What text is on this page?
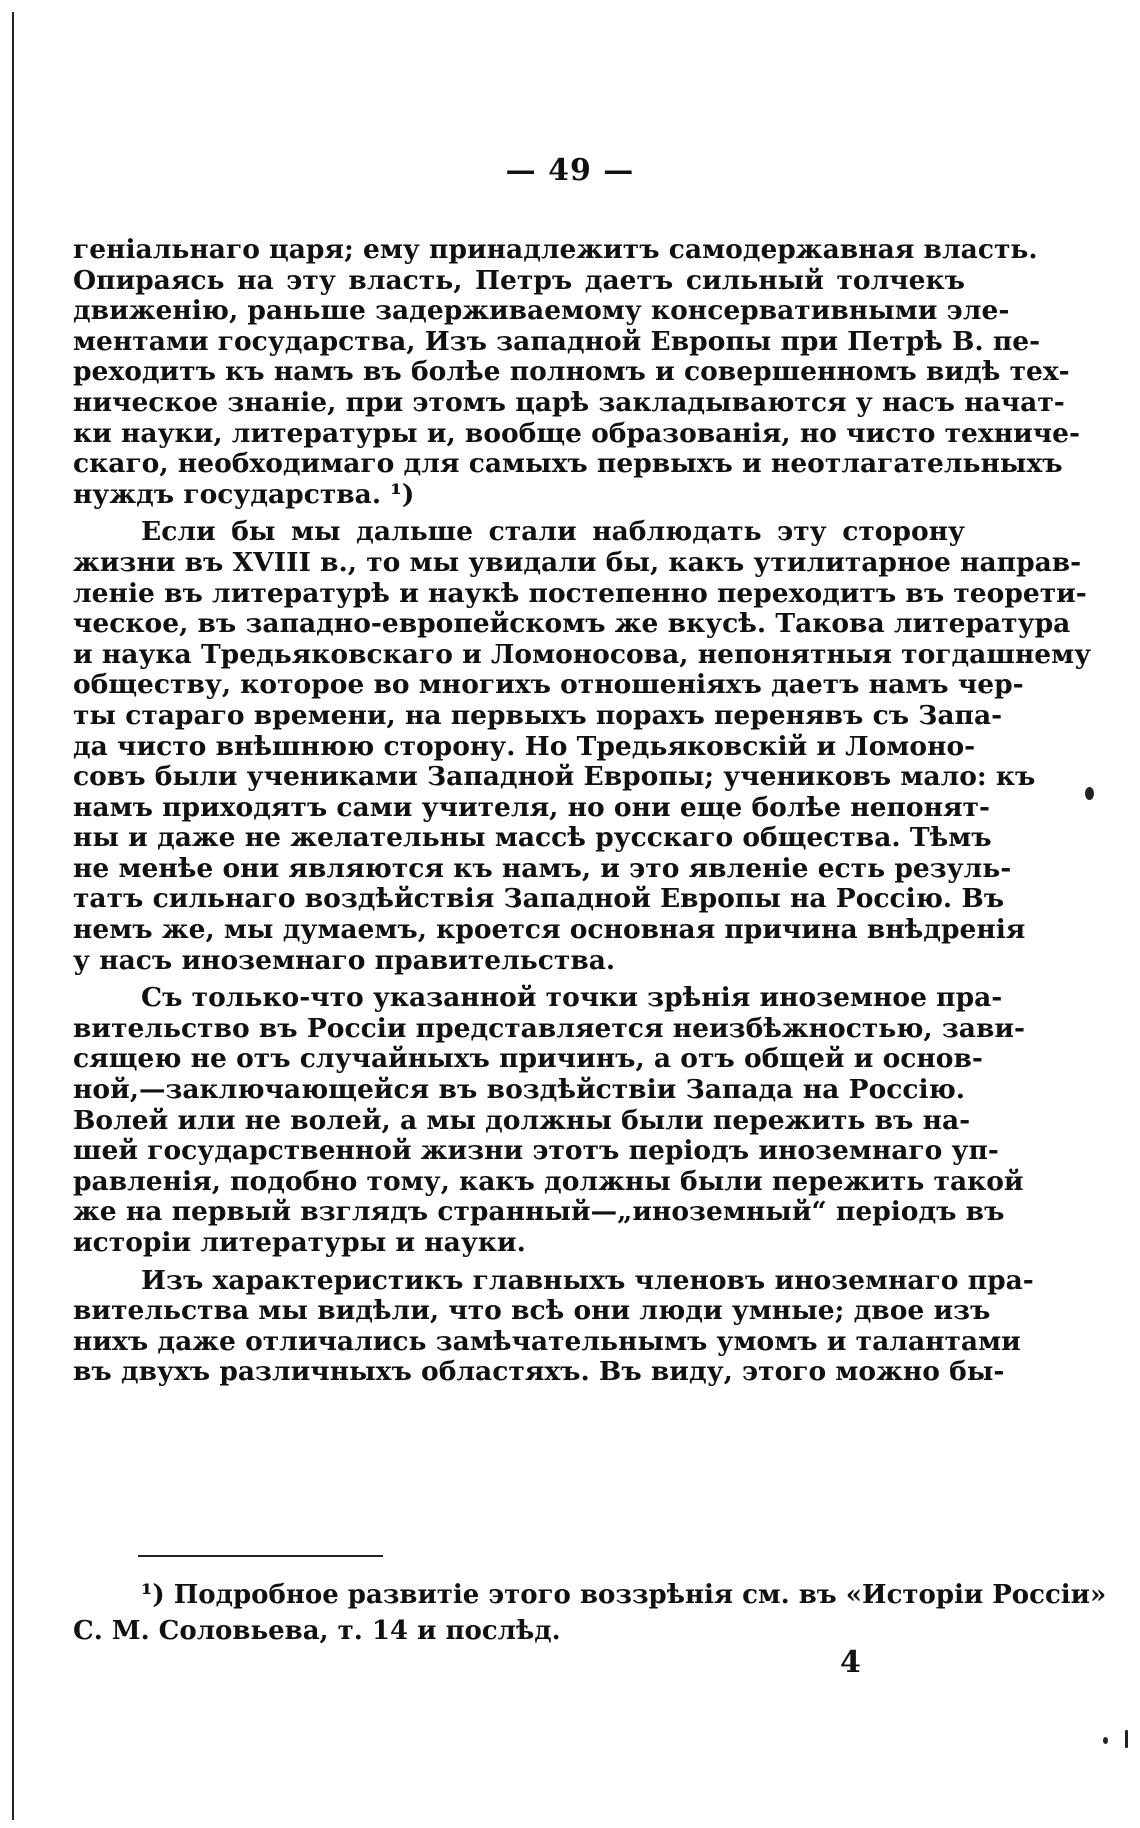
— 49 —
геніальнаго царя; ему принадлежитъ самодержавная власть.
Опираясь на эту власть, Петръ даетъ сильный толчекъ
движенію, раньше задерживаемому консервативными эле-
ментами государства, Изъ западной Европы при Петрѣ В. пе-
реходитъ къ намъ въ болѣе полномъ и совершенномъ видѣ тех-
ническое знаніе, при этомъ царѣ закладываются у насъ начат-
ки науки, литературы и, вообще образованія, но чисто техниче-
скаго, необходимаго для самыхъ первыхъ и неотлагательныхъ
нуждъ государства. ¹)
Если бы мы дальше стали наблюдать эту сторону
жизни въ XVIII в., то мы увидали бы, какъ утилитарное направ-
леніе въ литературѣ и наукѣ постепенно переходитъ въ теорети-
ческое, въ западно-европейскомъ же вкусѣ. Такова литература
и наука Тредьяковскаго и Ломоносова, непонятныя тогдашнему
обществу, которое во многихъ отношеніяхъ даетъ намъ чер-
ты стараго времени, на первыхъ порахъ перенявъ съ Запа-
да чисто внѣшнюю сторону. Но Тредьяковскій и Ломоно-
совъ были учениками Западной Европы; учениковъ мало: къ
намъ приходятъ сами учителя, но они еще болѣе непонят-
ны и даже не желательны массѣ русскаго общества. Тѣмъ
не менѣе они являются къ намъ, и это явленіе есть резуль-
татъ сильнаго воздѣйствія Западной Европы на Россію. Въ
немъ же, мы думаемъ, кроется основная причина внѣдренія
у насъ иноземнаго правительства.
Съ только-что указанной точки зрѣнія иноземное пра-
вительство въ Россіи представляется неизбѣжностью, зави-
сящею не отъ случайныхъ причинъ, а отъ общей и основ-
ной,—заключающейся въ воздѣйствіи Запада на Россію.
Волей или не волей, а мы должны были пережить въ на-
шей государственной жизни этотъ періодъ иноземнаго уп-
равленія, подобно тому, какъ должны были пережить такой
же на первый взглядъ странный—„иноземный“ періодъ въ
исторіи литературы и науки.
Изъ характеристикъ главныхъ членовъ иноземнаго пра-
вительства мы видѣли, что всѣ они люди умные; двое изъ
нихъ даже отличались замѣчательнымъ умомъ и талантами
въ двухъ различныхъ областяхъ. Въ виду, этого можно бы-
¹) Подробное развитіе этого воззрѣнія см. въ «Исторіи Россіи»
С. М. Соловьева, т. 14 и послѣд.
4
